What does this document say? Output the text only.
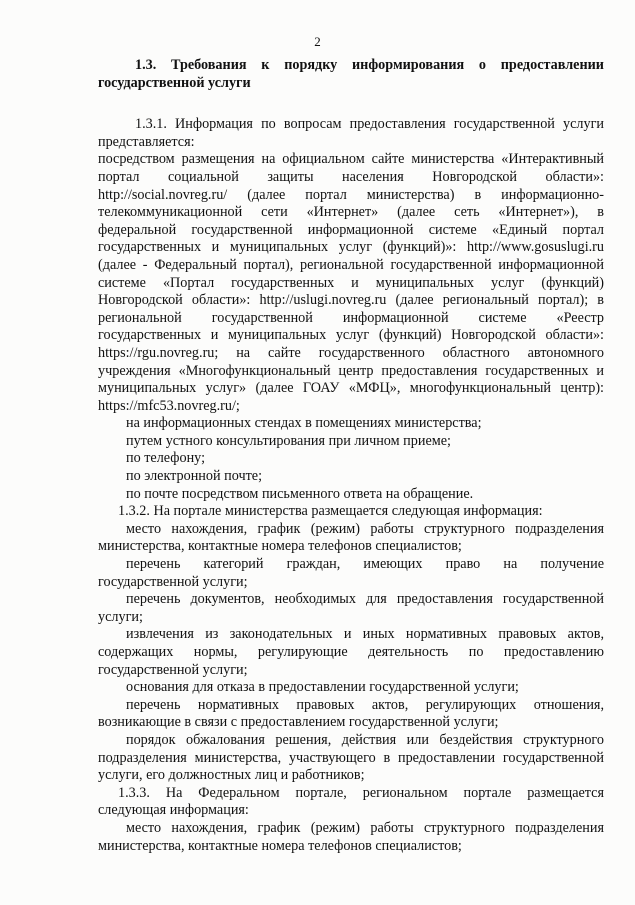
2

1.3. Требования к порядку информирования о предоставлении государственной услуги

1.3.1. Информация по вопросам предоставления государственной услуги
представляется:
посредством размещения на официальном сайте министерства «Интерактивный
портал социальной защиты населения Новгородской области»:
http://social.novreg.ru/ (далее портал министерства) в информационно-
телекоммуникационной сети «Интернет» (далее сеть «Интернет»), в
федеральной государственной информационной системе «Единый портал
государственных и муниципальных услуг (функций)»: http://www.gosuslugi.ru
(далее - Федеральный портал), региональной государственной информационной
системе «Портал государственных и муниципальных услуг (функций)
Новгородской области»: http://uslugi.novreg.ru (далее региональный портал); в
региональной государственной информационной системе «Реестр
государственных и муниципальных услуг (функций) Новгородской области»:
https://rgu.novreg.ru; на сайте государственного областного автономного
учреждения «Многофункциональный центр предоставления государственных и
муниципальных услуг» (далее ГОАУ «МФЦ», многофункциональный центр):
https://mfc53.novreg.ru/;
на информационных стендах в помещениях министерства;
путем устного консультирования при личном приеме;
по телефону;
по электронной почте;
по почте посредством письменного ответа на обращение.
1.3.2. На портале министерства размещается следующая информация:
место нахождения, график (режим) работы структурного подразделения
министерства, контактные номера телефонов специалистов;
перечень категорий граждан, имеющих право на получение
государственной услуги;
перечень документов, необходимых для предоставления государственной
услуги;
извлечения из законодательных и иных нормативных правовых актов,
содержащих нормы, регулирующие деятельность по предоставлению
государственной услуги;
основания для отказа в предоставлении государственной услуги;
перечень нормативных правовых актов, регулирующих отношения,
возникающие в связи с предоставлением государственной услуги;
порядок обжалования решения, действия или бездействия структурного
подразделения министерства, участвующего в предоставлении государственной
услуги, его должностных лиц и работников;
1.3.3. На Федеральном портале, региональном портале размещается
следующая информация:
место нахождения, график (режим) работы структурного подразделения
министерства, контактные номера телефонов специалистов;
